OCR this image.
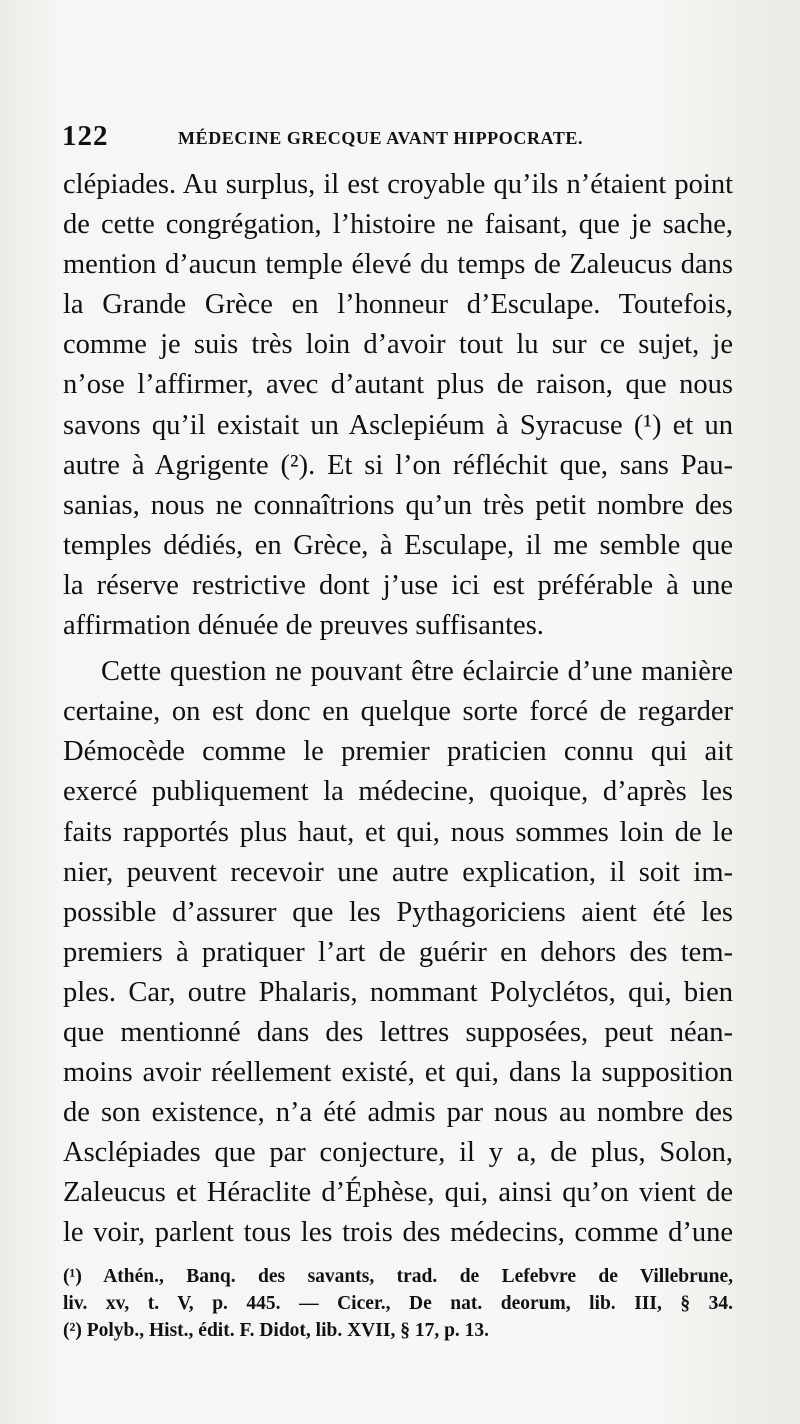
122	MÉDECINE GRECQUE AVANT HIPPOCRATE.
clépiades. Au surplus, il est croyable qu’ils n’étaient point
de cette congrégation, l’histoire ne faisant, que je sache,
mention d’aucun temple élevé du temps de Zaleucus dans
la Grande Grèce en l’honneur d’Esculape. Toutefois,
comme je suis très loin d’avoir tout lu sur ce sujet, je
n’ose l’affirmer, avec d’autant plus de raison, que nous
savons qu’il existait un Asclepiéum à Syracuse (¹) et un
autre à Agrigente (²). Et si l’on réfléchit que, sans Pau-
sanias, nous ne connaîtrions qu’un très petit nombre des
temples dédiés, en Grèce, à Esculape, il me semble que
la réserve restrictive dont j’use ici est préférable à une
affirmation dénuée de preuves suffisantes.
Cette question ne pouvant être éclaircie d’une manière
certaine, on est donc en quelque sorte forcé de regarder
Démocède comme le premier praticien connu qui ait
exercé publiquement la médecine, quoique, d’après les
faits rapportés plus haut, et qui, nous sommes loin de le
nier, peuvent recevoir une autre explication, il soit im-
possible d’assurer que les Pythagoriciens aient été les
premiers à pratiquer l’art de guérir en dehors des tem-
ples. Car, outre Phalaris, nommant Polyclétos, qui, bien
que mentionné dans des lettres supposées, peut néan-
moins avoir réellement existé, et qui, dans la supposition
de son existence, n’a été admis par nous au nombre des
Asclépiades que par conjecture, il y a, de plus, Solon,
Zaleucus et Héraclite d’Éphèse, qui, ainsi qu’on vient de
le voir, parlent tous les trois des médecins, comme d’une
(¹) Athén., Banq. des savants, trad. de Lefebvre de Villebrune,
liv. xv, t. V, p. 445. — Cicer., De nat. deorum, lib. III, § 34.
(²) Polyb., Hist., édit. F. Didot, lib. XVII, § 17, p. 13.
